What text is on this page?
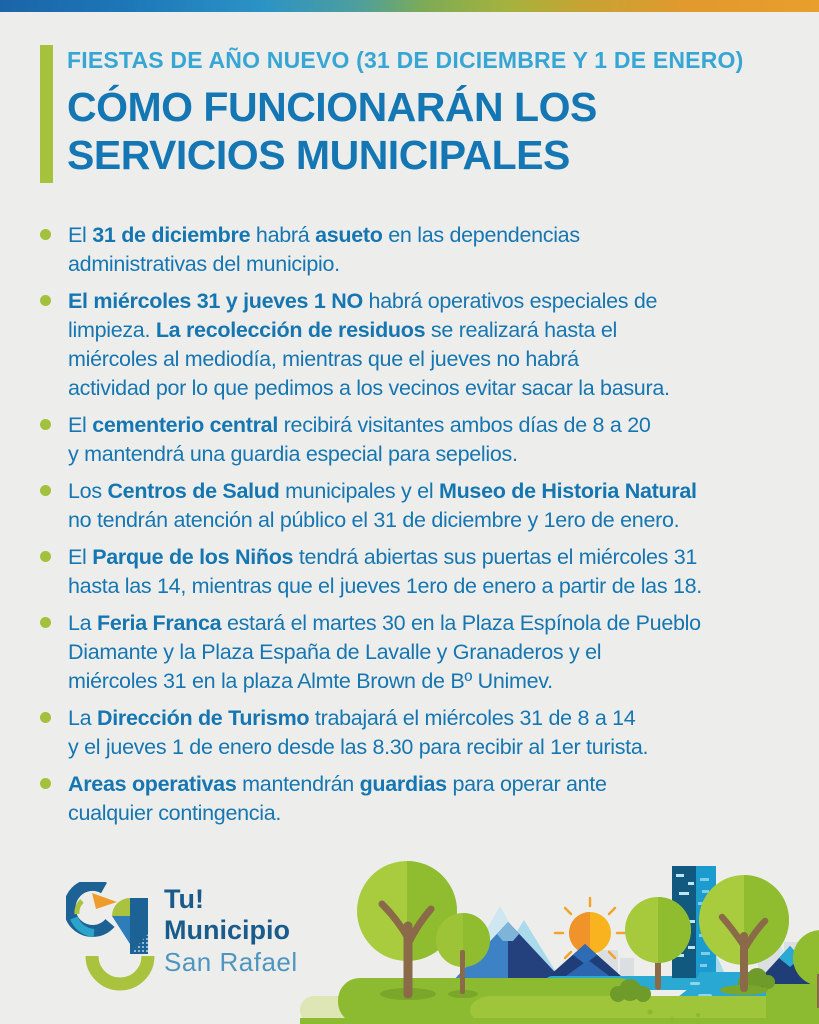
FIESTAS DE AÑO NUEVO (31 DE DICIEMBRE Y 1 DE ENERO)
CÓMO FUNCIONARÁN LOS
SERVICIOS MUNICIPALES
El 31 de diciembre habrá asueto en las dependencias
administrativas del municipio.
El miércoles 31 y jueves 1 NO habrá operativos especiales de
limpieza. La recolección de residuos se realizará hasta el
miércoles al mediodía, mientras que el jueves no habrá
actividad por lo que pedimos a los vecinos evitar sacar la basura.
El cementerio central recibirá visitantes ambos días de 8 a 20
y mantendrá una guardia especial para sepelios.
Los Centros de Salud municipales y el Museo de Historia Natural
no tendrán atención al público el 31 de diciembre y 1ero de enero.
El Parque de los Niños tendrá abiertas sus puertas el miércoles 31
hasta las 14, mientras que el jueves 1ero de enero a partir de las 18.
La Feria Franca estará el martes 30 en la Plaza Espínola de Pueblo
Diamante y la Plaza España de Lavalle y Granaderos y el
miércoles 31 en la plaza Almte Brown de Bº Unimev.
La Dirección de Turismo trabajará el miércoles 31 de 8 a 14
y el jueves 1 de enero desde las 8.30 para recibir al 1er turista.
Areas operativas mantendrán guardias para operar ante
cualquier contingencia.
Tu!
Municipio
San Rafael
